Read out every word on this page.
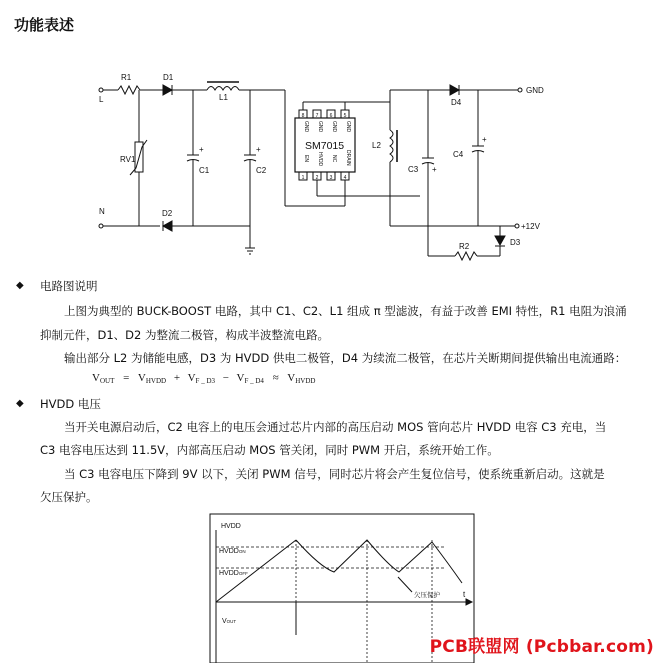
功能表述
R1	D1
L1
L
RV1
+
C1
+
C2
N	D2
L2
C3 +
C4
+
D4
GND
+12V
D3
R2
SM7015
8 7 6 5
1 2 3 4
GND GND GND GND
EN HVDD NC DRAIN
◆ 电路图说明
上图为典型的 BUCK-BOOST 电路，其中 C1、C2、L1 组成 π 型滤波，有益于改善 EMI 特性，R1 电阻为浪涌
抑制元件，D1、D2 为整流二极管，构成半波整流电路。
输出部分 L2 为储能电感，D3 为 HVDD 供电二极管，D4 为续流二极管，在芯片关断期间提供输出电流通路：
$V_{OUT} = V_{HVDD} + V_{F \_ D3} - V_{F \_ D4} \approx V_{HVDD}$
◆ HVDD 电压
当开关电源启动后，C2 电容上的电压会通过芯片内部的高压启动 MOS 管向芯片 HVDD 电容 C3 充电，当
C3 电容电压达到 11.5V，内部高压启动 MOS 管关闭，同时 PWM 开启，系统开始工作。
当 C3 电容电压下降到 9V 以下，关闭 PWM 信号，同时芯片将会产生复位信号，使系统重新启动。这就是
欠压保护。
HVDD
HVDDON
HVDDOFF
欠压保护	t
VOUT
PCB联盟网 (Pcbbar.com)
